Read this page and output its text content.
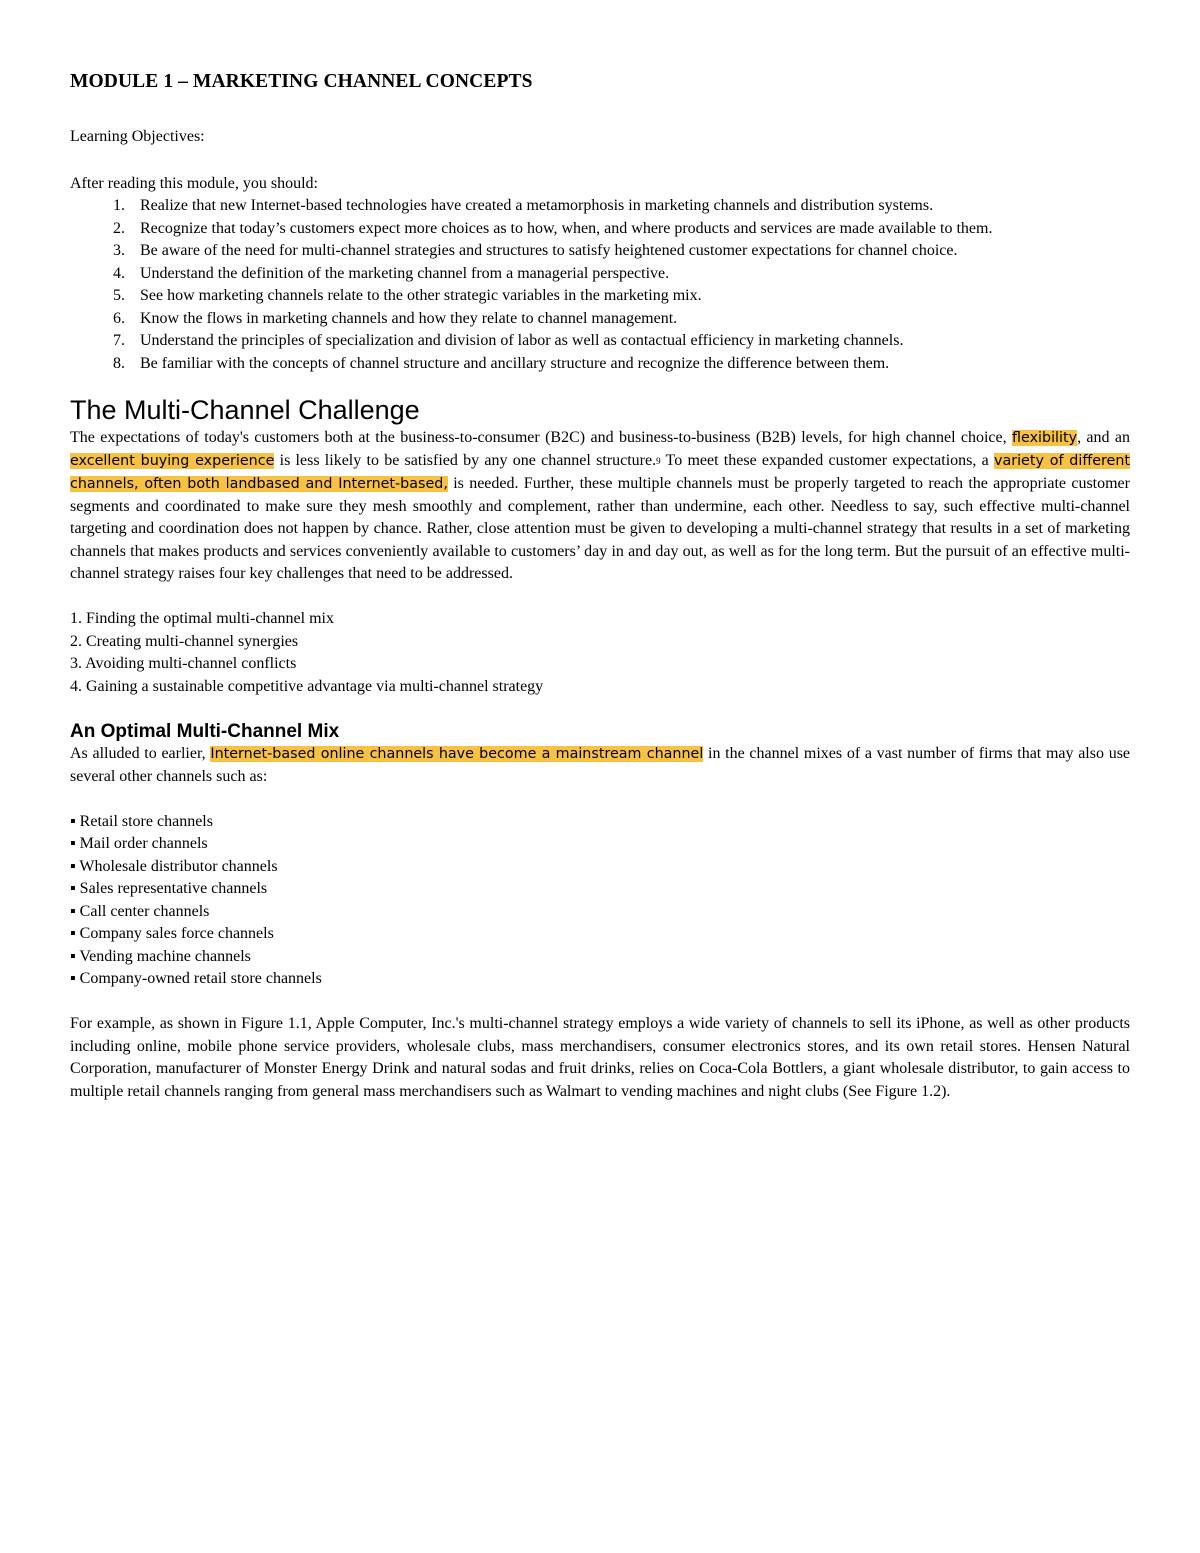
MODULE 1 – MARKETING CHANNEL CONCEPTS

Learning Objectives:

After reading this module, you should:

1. Realize that new Internet-based technologies have created a metamorphosis in marketing channels and distribution systems.
2. Recognize that today’s customers expect more choices as to how, when, and where products and services are made available to them.
3. Be aware of the need for multi-channel strategies and structures to satisfy heightened customer expectations for channel choice.
4. Understand the definition of the marketing channel from a managerial perspective.
5. See how marketing channels relate to the other strategic variables in the marketing mix.
6. Know the flows in marketing channels and how they relate to channel management.
7. Understand the principles of specialization and division of labor as well as contactual efficiency in marketing channels.
8. Be familiar with the concepts of channel structure and ancillary structure and recognize the difference between them.
The Multi-Channel Challenge

The expectations of today's customers both at the business-to-consumer (B2C) and business-to-business (B2B) levels, for high channel choice, flexibility, and an excellent buying experience is less likely to be satisfied by any one channel structure.$^9$ To meet these expanded customer expectations, a variety of different channels, often both landbased and Internet-based, is needed. Further, these multiple channels must be properly targeted to reach the appropriate customer segments and coordinated to make sure they mesh smoothly and complement, rather than undermine, each other. Needless to say, such effective multi-channel targeting and coordination does not happen by chance. Rather, close attention must be given to developing a multi-channel strategy that results in a set of marketing channels that makes products and services conveniently available to customers’ day in and day out, as well as for the long term. But the pursuit of an effective multi-channel strategy raises four key challenges that need to be addressed.

1. Finding the optimal multi-channel mix
2. Creating multi-channel synergies
3. Avoiding multi-channel conflicts
4. Gaining a sustainable competitive advantage via multi-channel strategy
An Optimal Multi-Channel Mix

As alluded to earlier, Internet-based online channels have become a mainstream channel in the channel mixes of a vast number of firms that may also use several other channels such as:

▪ Retail store channels
▪ Mail order channels
▪ Wholesale distributor channels
▪ Sales representative channels
▪ Call center channels
▪ Company sales force channels
▪ Vending machine channels
▪ Company-owned retail store channels

For example, as shown in Figure 1.1, Apple Computer, Inc.'s multi-channel strategy employs a wide variety of channels to sell its iPhone, as well as other products including online, mobile phone service providers, wholesale clubs, mass merchandisers, consumer electronics stores, and its own retail stores. Hensen Natural Corporation, manufacturer of Monster Energy Drink and natural sodas and fruit drinks, relies on Coca-Cola Bottlers, a giant wholesale distributor, to gain access to multiple retail channels ranging from general mass merchandisers such as Walmart to vending machines and night clubs (See Figure 1.2).
